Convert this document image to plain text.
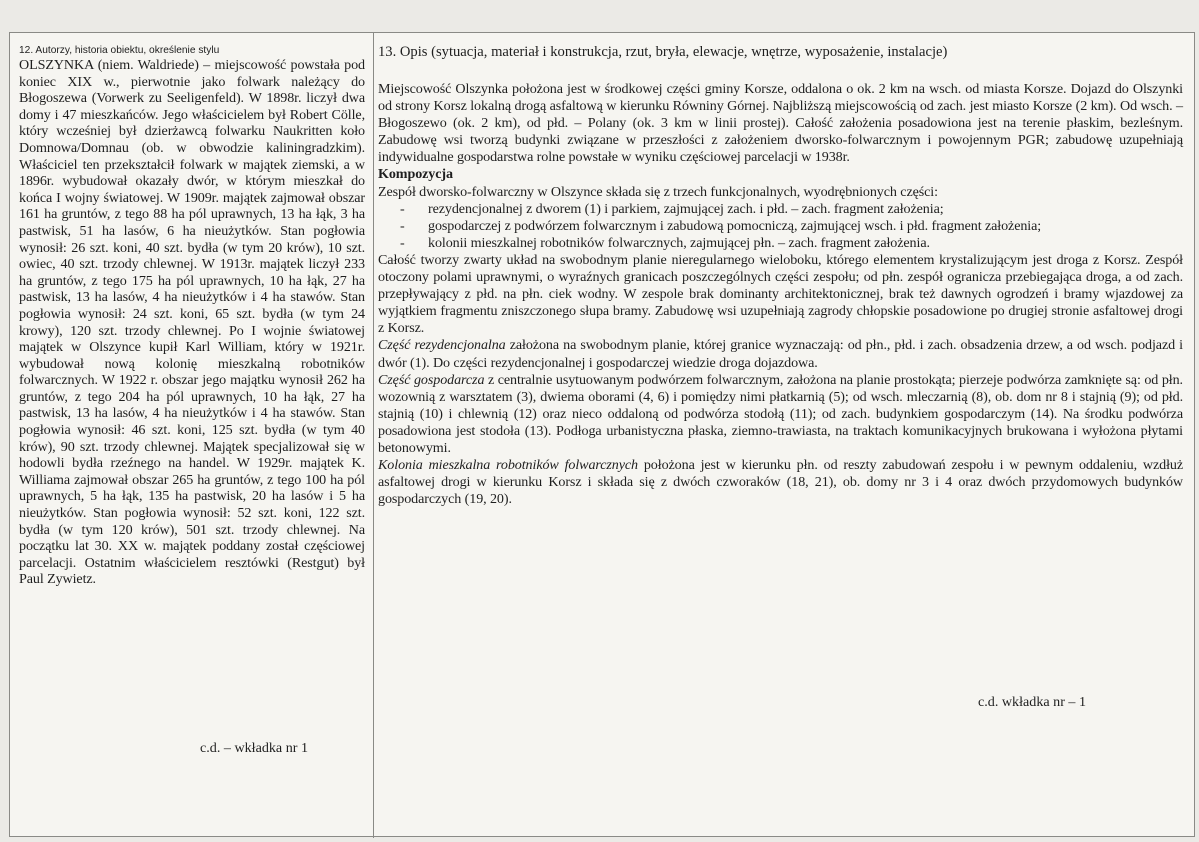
12. Autorzy, historia obiektu, określenie stylu

OLSZYNKA (niem. Waldriede) – miejscowość powstała pod koniec XIX w., pierwotnie jako folwark należący do Błogoszewa (Vorwerk zu Seeligenfeld). W 1898r. liczył dwa domy i 47 mieszkańców. Jego właścicielem był Robert Cölle, który wcześniej był dzierżawcą folwarku Naukritten koło Domnowa/Domnau (ob. w obwodzie kaliningradzkim). Właściciel ten przekształcił folwark w majątek ziemski, a w 1896r. wybudował okazały dwór, w którym mieszkał do końca I wojny światowej. W 1909r. majątek zajmował obszar 161 ha gruntów, z tego 88 ha pól uprawnych, 13 ha łąk, 3 ha pastwisk, 51 ha lasów, 6 ha nieużytków. Stan pogłowia wynosił: 26 szt. koni, 40 szt. bydła (w tym 20 krów), 10 szt. owiec, 40 szt. trzody chlewnej. W 1913r. majątek liczył 233 ha gruntów, z tego 175 ha pól uprawnych, 10 ha łąk, 27 ha pastwisk, 13 ha lasów, 4 ha nieużytków i 4 ha stawów. Stan pogłowia wynosił: 24 szt. koni, 65 szt. bydła (w tym 24 krowy), 120 szt. trzody chlewnej. Po I wojnie światowej majątek w Olszynce kupił Karl William, który w 1921r. wybudował nową kolonię mieszkalną robotników folwarcznych. W 1922 r. obszar jego majątku wynosił 262 ha gruntów, z tego 204 ha pól uprawnych, 10 ha łąk, 27 ha pastwisk, 13 ha lasów, 4 ha nieużytków i 4 ha stawów. Stan pogłowia wynosił: 46 szt. koni, 125 szt. bydła (w tym 40 krów), 90 szt. trzody chlewnej. Majątek specjalizował się w hodowli bydła rzeźnego na handel. W 1929r. majątek K. Williama zajmował obszar 265 ha gruntów, z tego 100 ha pól uprawnych, 5 ha łąk, 135 ha pastwisk, 20 ha lasów i 5 ha nieużytków. Stan pogłowia wynosił: 52 szt. koni, 122 szt. bydła (w tym 120 krów), 501 szt. trzody chlewnej. Na początku lat 30. XX w. majątek poddany został częściowej parcelacji. Ostatnim właścicielem resztówki (Restgut) był Paul Zywietz.

c.d. – wkładka nr 1

13. Opis (sytuacja, materiał i konstrukcja, rzut, bryła, elewacje, wnętrze, wyposażenie, instalacje)

Miejscowość Olszynka położona jest w środkowej części gminy Korsze, oddalona o ok. 2 km na wsch. od miasta Korsze. Dojazd do Olszynki od strony Korsz lokalną drogą asfaltową w kierunku Równiny Górnej. Najbliższą miejscowością od zach. jest miasto Korsze (2 km). Od wsch. – Błogoszewo (ok. 2 km), od płd. – Polany (ok. 3 km w linii prostej). Całość założenia posadowiona jest na terenie płaskim, bezleśnym. Zabudowę wsi tworzą budynki związane w przeszłości z założeniem dworsko-folwarcznym i powojennym PGR; zabudowę uzupełniają indywidualne gospodarstwa rolne powstałe w wyniku częściowej parcelacji w 1938r.

Kompozycja

Zespół dworsko-folwarczny w Olszynce składa się z trzech funkcjonalnych, wyodrębnionych części:

- rezydencjonalnej z dworem (1) i parkiem, zajmującej zach. i płd. – zach. fragment założenia;
- gospodarczej z podwórzem folwarcznym i zabudową pomocniczą, zajmującej wsch. i płd. fragment założenia;
- kolonii mieszkalnej robotników folwarcznych, zajmującej płn. – zach. fragment założenia.

Całość tworzy zwarty układ na swobodnym planie nieregularnego wieloboku, którego elementem krystalizującym jest droga z Korsz. Zespół otoczony polami uprawnymi, o wyraźnych granicach poszczególnych części zespołu; od płn. zespół ogranicza przebiegająca droga, a od zach. przepływający z płd. na płn. ciek wodny. W zespole brak dominanty architektonicznej, brak też dawnych ogrodzeń i bramy wjazdowej za wyjątkiem fragmentu zniszczonego słupa bramy. Zabudowę wsi uzupełniają zagrody chłopskie posadowione po drugiej stronie asfaltowej drogi z Korsz.

Część rezydencjonalna założona na swobodnym planie, której granice wyznaczają: od płn., płd. i zach. obsadzenia drzew, a od wsch. podjazd i dwór (1). Do części rezydencjonalnej i gospodarczej wiedzie droga dojazdowa.

Część gospodarcza z centralnie usytuowanym podwórzem folwarcznym, założona na planie prostokąta; pierzeje podwórza zamknięte są: od płn. wozownią z warsztatem (3), dwiema oborami (4, 6) i pomiędzy nimi płatkarnią (5); od wsch. mleczarnią (8), ob. dom nr 8 i stajnią (9); od płd. stajnią (10) i chlewnią (12) oraz nieco oddaloną od podwórza stodołą (11); od zach. budynkiem gospodarczym (14). Na środku podwórza posadowiona jest stodoła (13). Podłoga urbanistyczna płaska, ziemno-trawiasta, na traktach komunikacyjnych brukowana i wyłożona płytami betonowymi.

Kolonia mieszkalna robotników folwarcznych położona jest w kierunku płn. od reszty zabudowań zespołu i w pewnym oddaleniu, wzdłuż asfaltowej drogi w kierunku Korsz i składa się z dwóch czworaków (18, 21), ob. domy nr 3 i 4 oraz dwóch przydomowych budynków gospodarczych (19, 20).

c.d. wkładka nr – 1
